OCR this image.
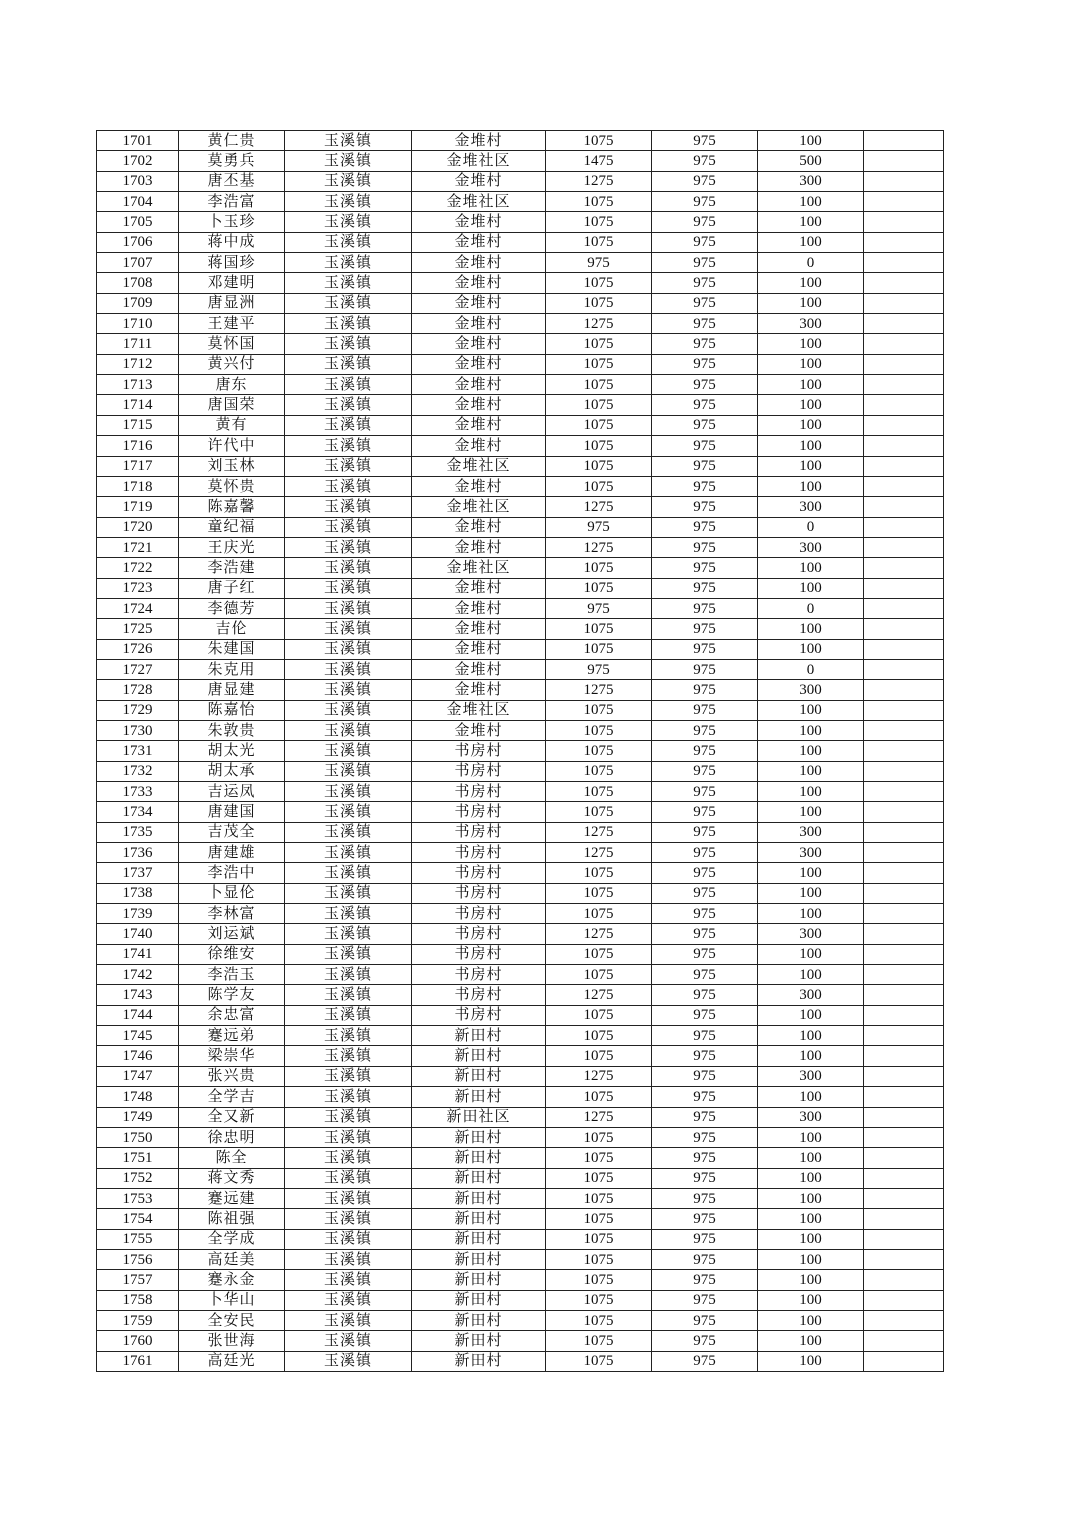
1701	黄仁贵	玉溪镇	金堆村	1075	975	100	
1702	莫勇兵	玉溪镇	金堆社区	1475	975	500	
1703	唐丕基	玉溪镇	金堆村	1275	975	300	
1704	李浩富	玉溪镇	金堆社区	1075	975	100	
1705	卜玉珍	玉溪镇	金堆村	1075	975	100	
1706	蒋中成	玉溪镇	金堆村	1075	975	100	
1707	蒋国珍	玉溪镇	金堆村	975	975	0	
1708	邓建明	玉溪镇	金堆村	1075	975	100	
1709	唐显洲	玉溪镇	金堆村	1075	975	100	
1710	王建平	玉溪镇	金堆村	1275	975	300	
1711	莫怀国	玉溪镇	金堆村	1075	975	100	
1712	黄兴付	玉溪镇	金堆村	1075	975	100	
1713	唐东	玉溪镇	金堆村	1075	975	100	
1714	唐国荣	玉溪镇	金堆村	1075	975	100	
1715	黄有	玉溪镇	金堆村	1075	975	100	
1716	许代中	玉溪镇	金堆村	1075	975	100	
1717	刘玉林	玉溪镇	金堆社区	1075	975	100	
1718	莫怀贵	玉溪镇	金堆村	1075	975	100	
1719	陈嘉馨	玉溪镇	金堆社区	1275	975	300	
1720	童纪福	玉溪镇	金堆村	975	975	0	
1721	王庆光	玉溪镇	金堆村	1275	975	300	
1722	李浩建	玉溪镇	金堆社区	1075	975	100	
1723	唐子红	玉溪镇	金堆村	1075	975	100	
1724	李德芳	玉溪镇	金堆村	975	975	0	
1725	吉伦	玉溪镇	金堆村	1075	975	100	
1726	朱建国	玉溪镇	金堆村	1075	975	100	
1727	朱克用	玉溪镇	金堆村	975	975	0	
1728	唐显建	玉溪镇	金堆村	1275	975	300	
1729	陈嘉怡	玉溪镇	金堆社区	1075	975	100	
1730	朱敦贵	玉溪镇	金堆村	1075	975	100	
1731	胡太光	玉溪镇	书房村	1075	975	100	
1732	胡太承	玉溪镇	书房村	1075	975	100	
1733	吉运凤	玉溪镇	书房村	1075	975	100	
1734	唐建国	玉溪镇	书房村	1075	975	100	
1735	吉茂全	玉溪镇	书房村	1275	975	300	
1736	唐建雄	玉溪镇	书房村	1275	975	300	
1737	李浩中	玉溪镇	书房村	1075	975	100	
1738	卜显伦	玉溪镇	书房村	1075	975	100	
1739	李林富	玉溪镇	书房村	1075	975	100	
1740	刘运斌	玉溪镇	书房村	1275	975	300	
1741	徐维安	玉溪镇	书房村	1075	975	100	
1742	李浩玉	玉溪镇	书房村	1075	975	100	
1743	陈学友	玉溪镇	书房村	1275	975	300	
1744	余忠富	玉溪镇	书房村	1075	975	100	
1745	蹇远弟	玉溪镇	新田村	1075	975	100	
1746	梁崇华	玉溪镇	新田村	1075	975	100	
1747	张兴贵	玉溪镇	新田村	1275	975	300	
1748	全学吉	玉溪镇	新田村	1075	975	100	
1749	全又新	玉溪镇	新田社区	1275	975	300	
1750	徐忠明	玉溪镇	新田村	1075	975	100	
1751	陈全	玉溪镇	新田村	1075	975	100	
1752	蒋文秀	玉溪镇	新田村	1075	975	100	
1753	蹇远建	玉溪镇	新田村	1075	975	100	
1754	陈祖强	玉溪镇	新田村	1075	975	100	
1755	全学成	玉溪镇	新田村	1075	975	100	
1756	高廷美	玉溪镇	新田村	1075	975	100	
1757	蹇永金	玉溪镇	新田村	1075	975	100	
1758	卜华山	玉溪镇	新田村	1075	975	100	
1759	全安民	玉溪镇	新田村	1075	975	100	
1760	张世海	玉溪镇	新田村	1075	975	100	
1761	高廷光	玉溪镇	新田村	1075	975	100	
